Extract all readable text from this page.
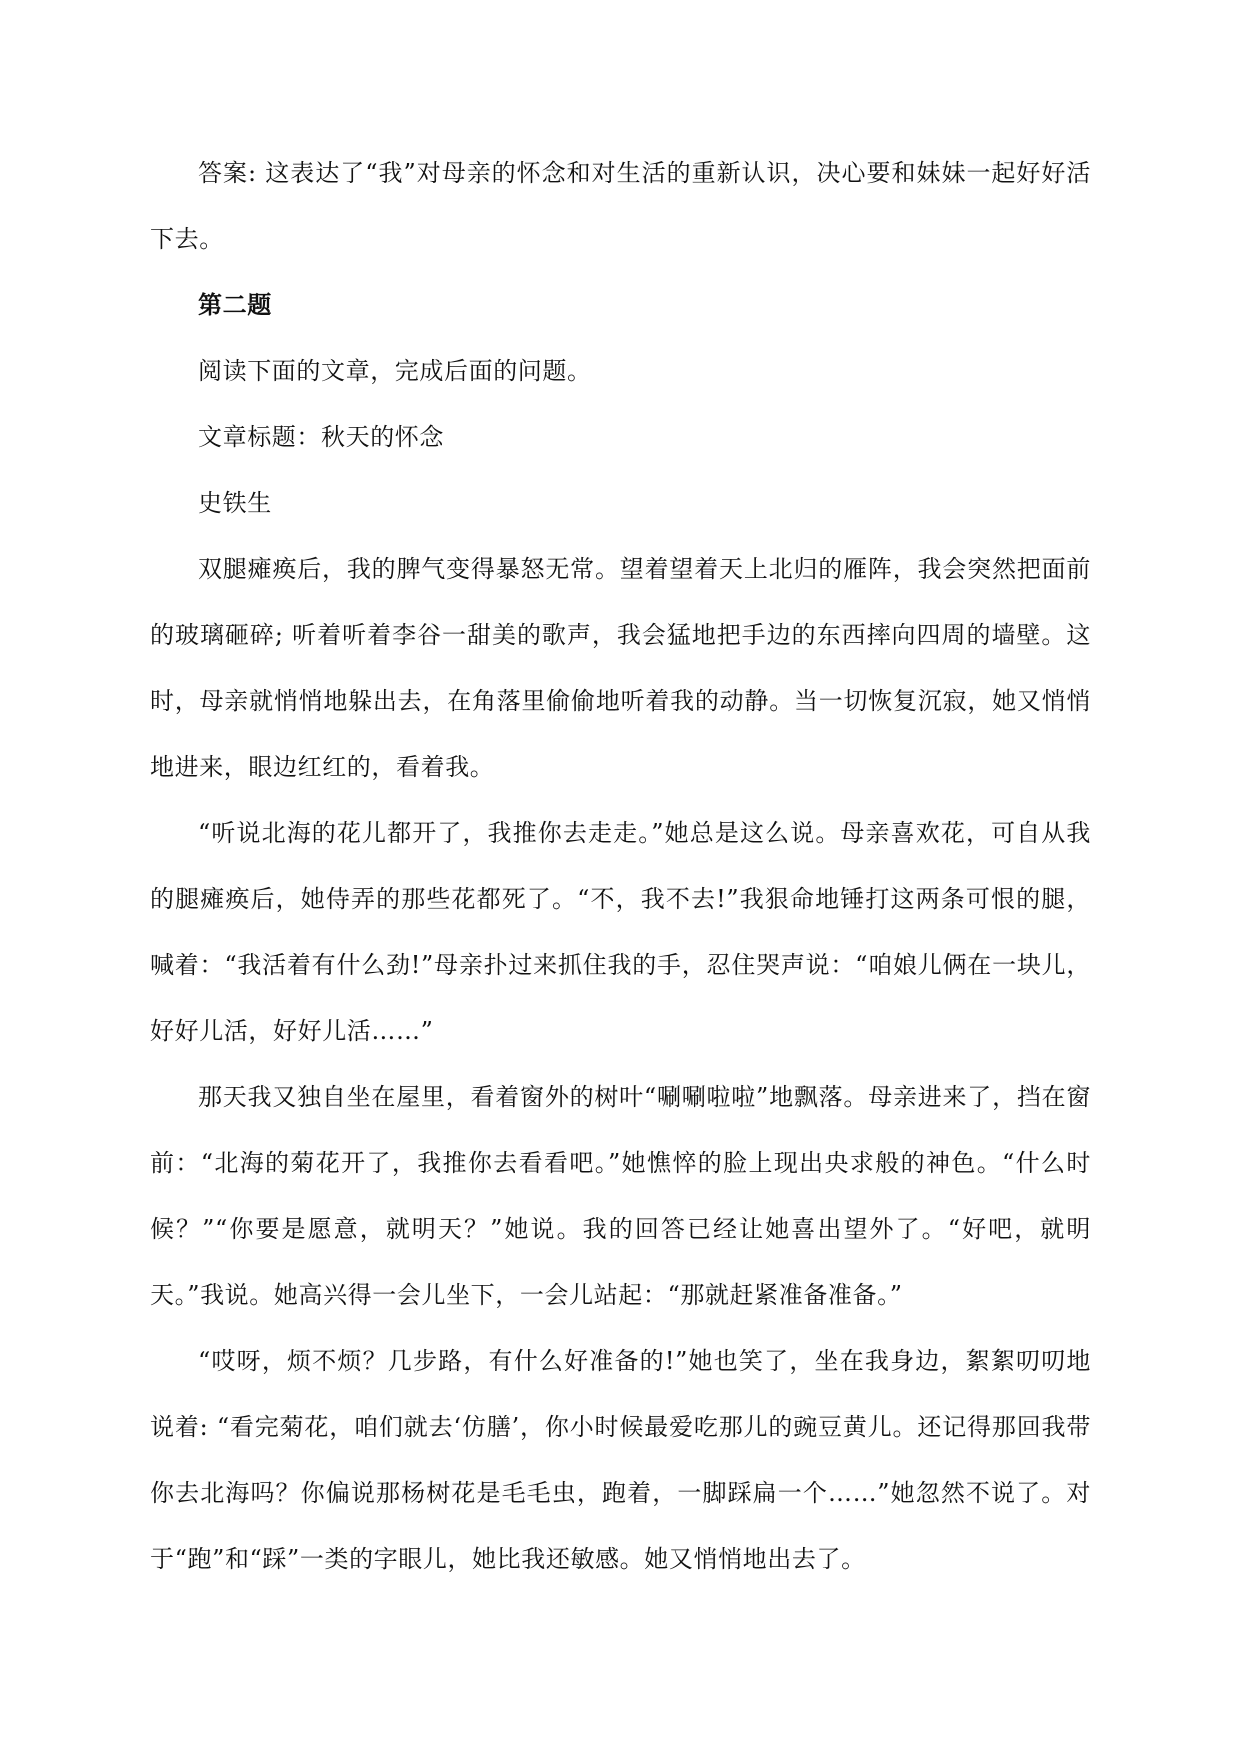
答案: 这表达了“我”对母亲的怀念和对生活的重新认识，决心要和妹妹一起好好活下去。

第二题

阅读下面的文章，完成后面的问题。

文章标题：秋天的怀念

史铁生

双腿瘫痪后，我的脾气变得暴怒无常。望着望着天上北归的雁阵，我会突然把面前的玻璃砸碎; 听着听着李谷一甜美的歌声，我会猛地把手边的东西摔向四周的墙壁。这时，母亲就悄悄地躲出去，在角落里偷偷地听着我的动静。当一切恢复沉寂，她又悄悄地进来，眼边红红的，看着我。

“听说北海的花儿都开了，我推你去走走。”她总是这么说。母亲喜欢花，可自从我的腿瘫痪后，她侍弄的那些花都死了。“不，我不去!”我狠命地锤打这两条可恨的腿，喊着：“我活着有什么劲!”母亲扑过来抓住我的手，忍住哭声说：“咱娘儿俩在一块儿，好好儿活，好好儿活……”

那天我又独自坐在屋里，看着窗外的树叶“唰唰啦啦”地飘落。母亲进来了，挡在窗前：“北海的菊花开了，我推你去看看吧。”她憔悴的脸上现出央求般的神色。“什么时候？”“你要是愿意，就明天？”她说。我的回答已经让她喜出望外了。“好吧，就明天。”我说。她高兴得一会儿坐下，一会儿站起：“那就赶紧准备准备。”

“哎呀，烦不烦？几步路，有什么好准备的!”她也笑了，坐在我身边，絮絮叨叨地说着: “看完菊花，咱们就去‘仿膳’，你小时候最爱吃那儿的豌豆黄儿。还记得那回我带你去北海吗？你偏说那杨树花是毛毛虫，跑着，一脚踩扁一个……”她忽然不说了。对于“跑”和“踩”一类的字眼儿，她比我还敏感。她又悄悄地出去了。
